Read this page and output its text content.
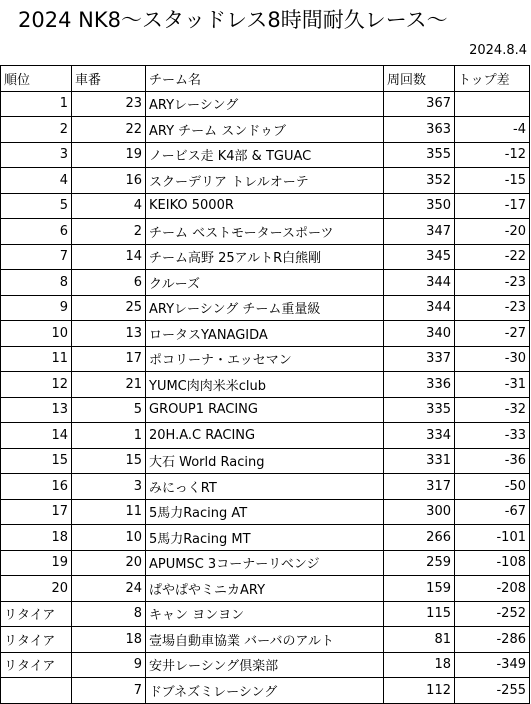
2024 NK8～スタッドレス8時間耐久レース～
2024.8.4
順位	車番	チーム名	周回数	トップ差
1	23	ARYレーシング	367	
2	22	ARY チーム スンドゥブ	363	-4
3	19	ノービス走 K4部 & TGUAC	355	-12
4	16	スクーデリア トレルオーテ	352	-15
5	4	KEIKO 5000R	350	-17
6	2	チーム ベストモータースポーツ	347	-20
7	14	チーム高野 25アルトR白熊剛	345	-22
8	6	クルーズ	344	-23
9	25	ARYレーシング チーム重量級	344	-23
10	13	ロータスYANAGIDA	340	-27
11	17	ポコリーナ・エッセマン	337	-30
12	21	YUMC肉肉米米club	336	-31
13	5	GROUP1 RACING	335	-32
14	1	20H.A.C RACING	334	-33
15	15	大石 World Racing	331	-36
16	3	みにっくRT	317	-50
17	11	5馬力Racing AT	300	-67
18	10	5馬力Racing MT	266	-101
19	20	APUMSC 3コーナーリベンジ	259	-108
20	24	ぱやぱやミニカARY	159	-208
リタイア	8	キャン ヨンヨン	115	-252
リタイア	18	壹場自動車協業 バーバのアルト	81	-286
リタイア	9	安井レーシング倶楽部	18	-349
	7	ドブネズミレーシング	112	-255
